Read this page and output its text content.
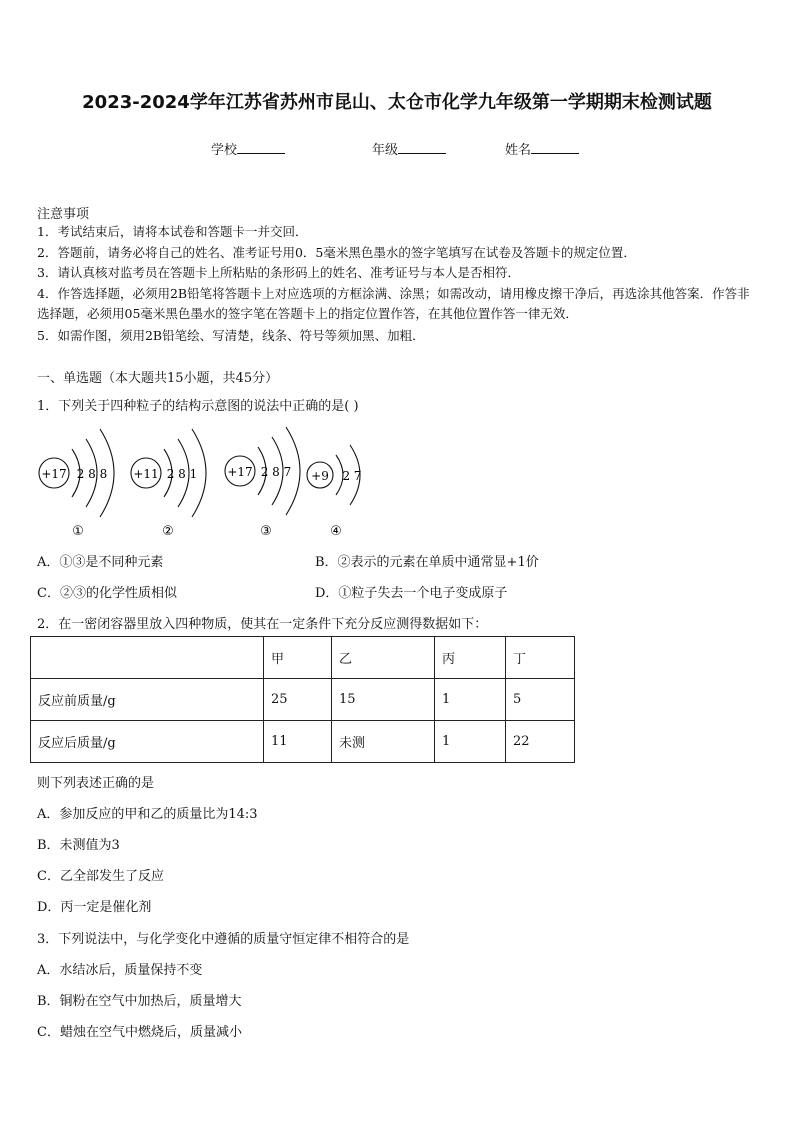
2023-2024学年江苏省苏州市昆山、太仓市化学九年级第一学期期末检测试题
学校	年级	姓名
注意事项
1．考试结束后，请将本试卷和答题卡一并交回．
2．答题前，请务必将自己的姓名、准考证号用0．5毫米黑色墨水的签字笔填写在试卷及答题卡的规定位置．
3．请认真核对监考员在答题卡上所粘贴的条形码上的姓名、准考证号与本人是否相符．
4．作答选择题，必须用2B铅笔将答题卡上对应选项的方框涂满、涂黑；如需改动，请用橡皮擦干净后，再选涂其他答案．作答非选择题，必须用05毫米黑色墨水的签字笔在答题卡上的指定位置作答，在其他位置作答一律无效．
5．如需作图，须用2B铅笔绘、写清楚，线条、符号等须加黑、加粗．
一、单选题（本大题共15小题，共45分）
1．下列关于四种粒子的结构示意图的说法中正确的是( )
+17 2 8 8
①
+11 2 8 1
②
+17 2 8 7
③
+9 2 7
④
A．①③是不同种元素	B．②表示的元素在单质中通常显+1价
C．②③的化学性质相似	D．①粒子失去一个电子变成原子
2．在一密闭容器里放入四种物质，使其在一定条件下充分反应测得数据如下：
	甲	乙	丙	丁
反应前质量/g	25	15	1	5
反应后质量/g	11	未测	1	22
则下列表述正确的是
A．参加反应的甲和乙的质量比为14:3
B．未测值为3
C．乙全部发生了反应
D．丙一定是催化剂
3．下列说法中，与化学变化中遵循的质量守恒定律不相符合的是
A．水结冰后，质量保持不变
B．铜粉在空气中加热后，质量增大
C．蜡烛在空气中燃烧后，质量减小
